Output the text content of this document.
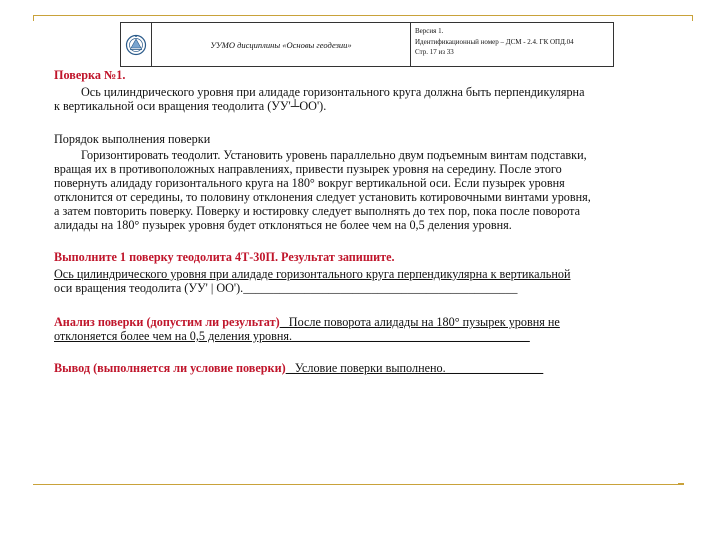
УУМО дисциплины «Основы геодезии»
Версия 1.
Идентификационный номер – ДСМ - 2.4. ГК ОПД.04
Стр. 17 из 33
Поверка №1.
Ось цилиндрического уровня при алидаде горизонтального круга должна быть перпендикулярна
к вертикальной оси вращения теодолита (УУ'┴ОО').
Порядок выполнения поверки
Горизонтировать теодолит. Установить уровень параллельно двум подъемным винтам подставки,
вращая их в противоположных направлениях, привести пузырек уровня на середину. После этого
повернуть алидаду горизонтального круга на 180° вокруг вертикальной оси. Если пузырек уровня
отклонится от середины, то половину отклонения следует установить котировочными винтами уровня,
а затем повторить поверку. Поверку и юстировку следует выполнять до тех пор, пока после поворота
алидады на 180° пузырек уровня будет отклоняться не более чем на 0,5 деления уровня.
Выполните 1 поверку теодолита 4Т-30П. Результат запишите.
Ось цилиндрического уровня при алидаде горизонтального круга перпендикулярна к вертикальной
оси вращения теодолита (УУ' | ОО')._____________________________________________
Анализ поверки (допустим ли результат) _После поворота алидады на 180° пузырек уровня не
отклоняется более чем на 0,5 деления уровня._______________________________________
Вывод (выполняется ли условие поверки) _Условие поверки выполнено.________________
